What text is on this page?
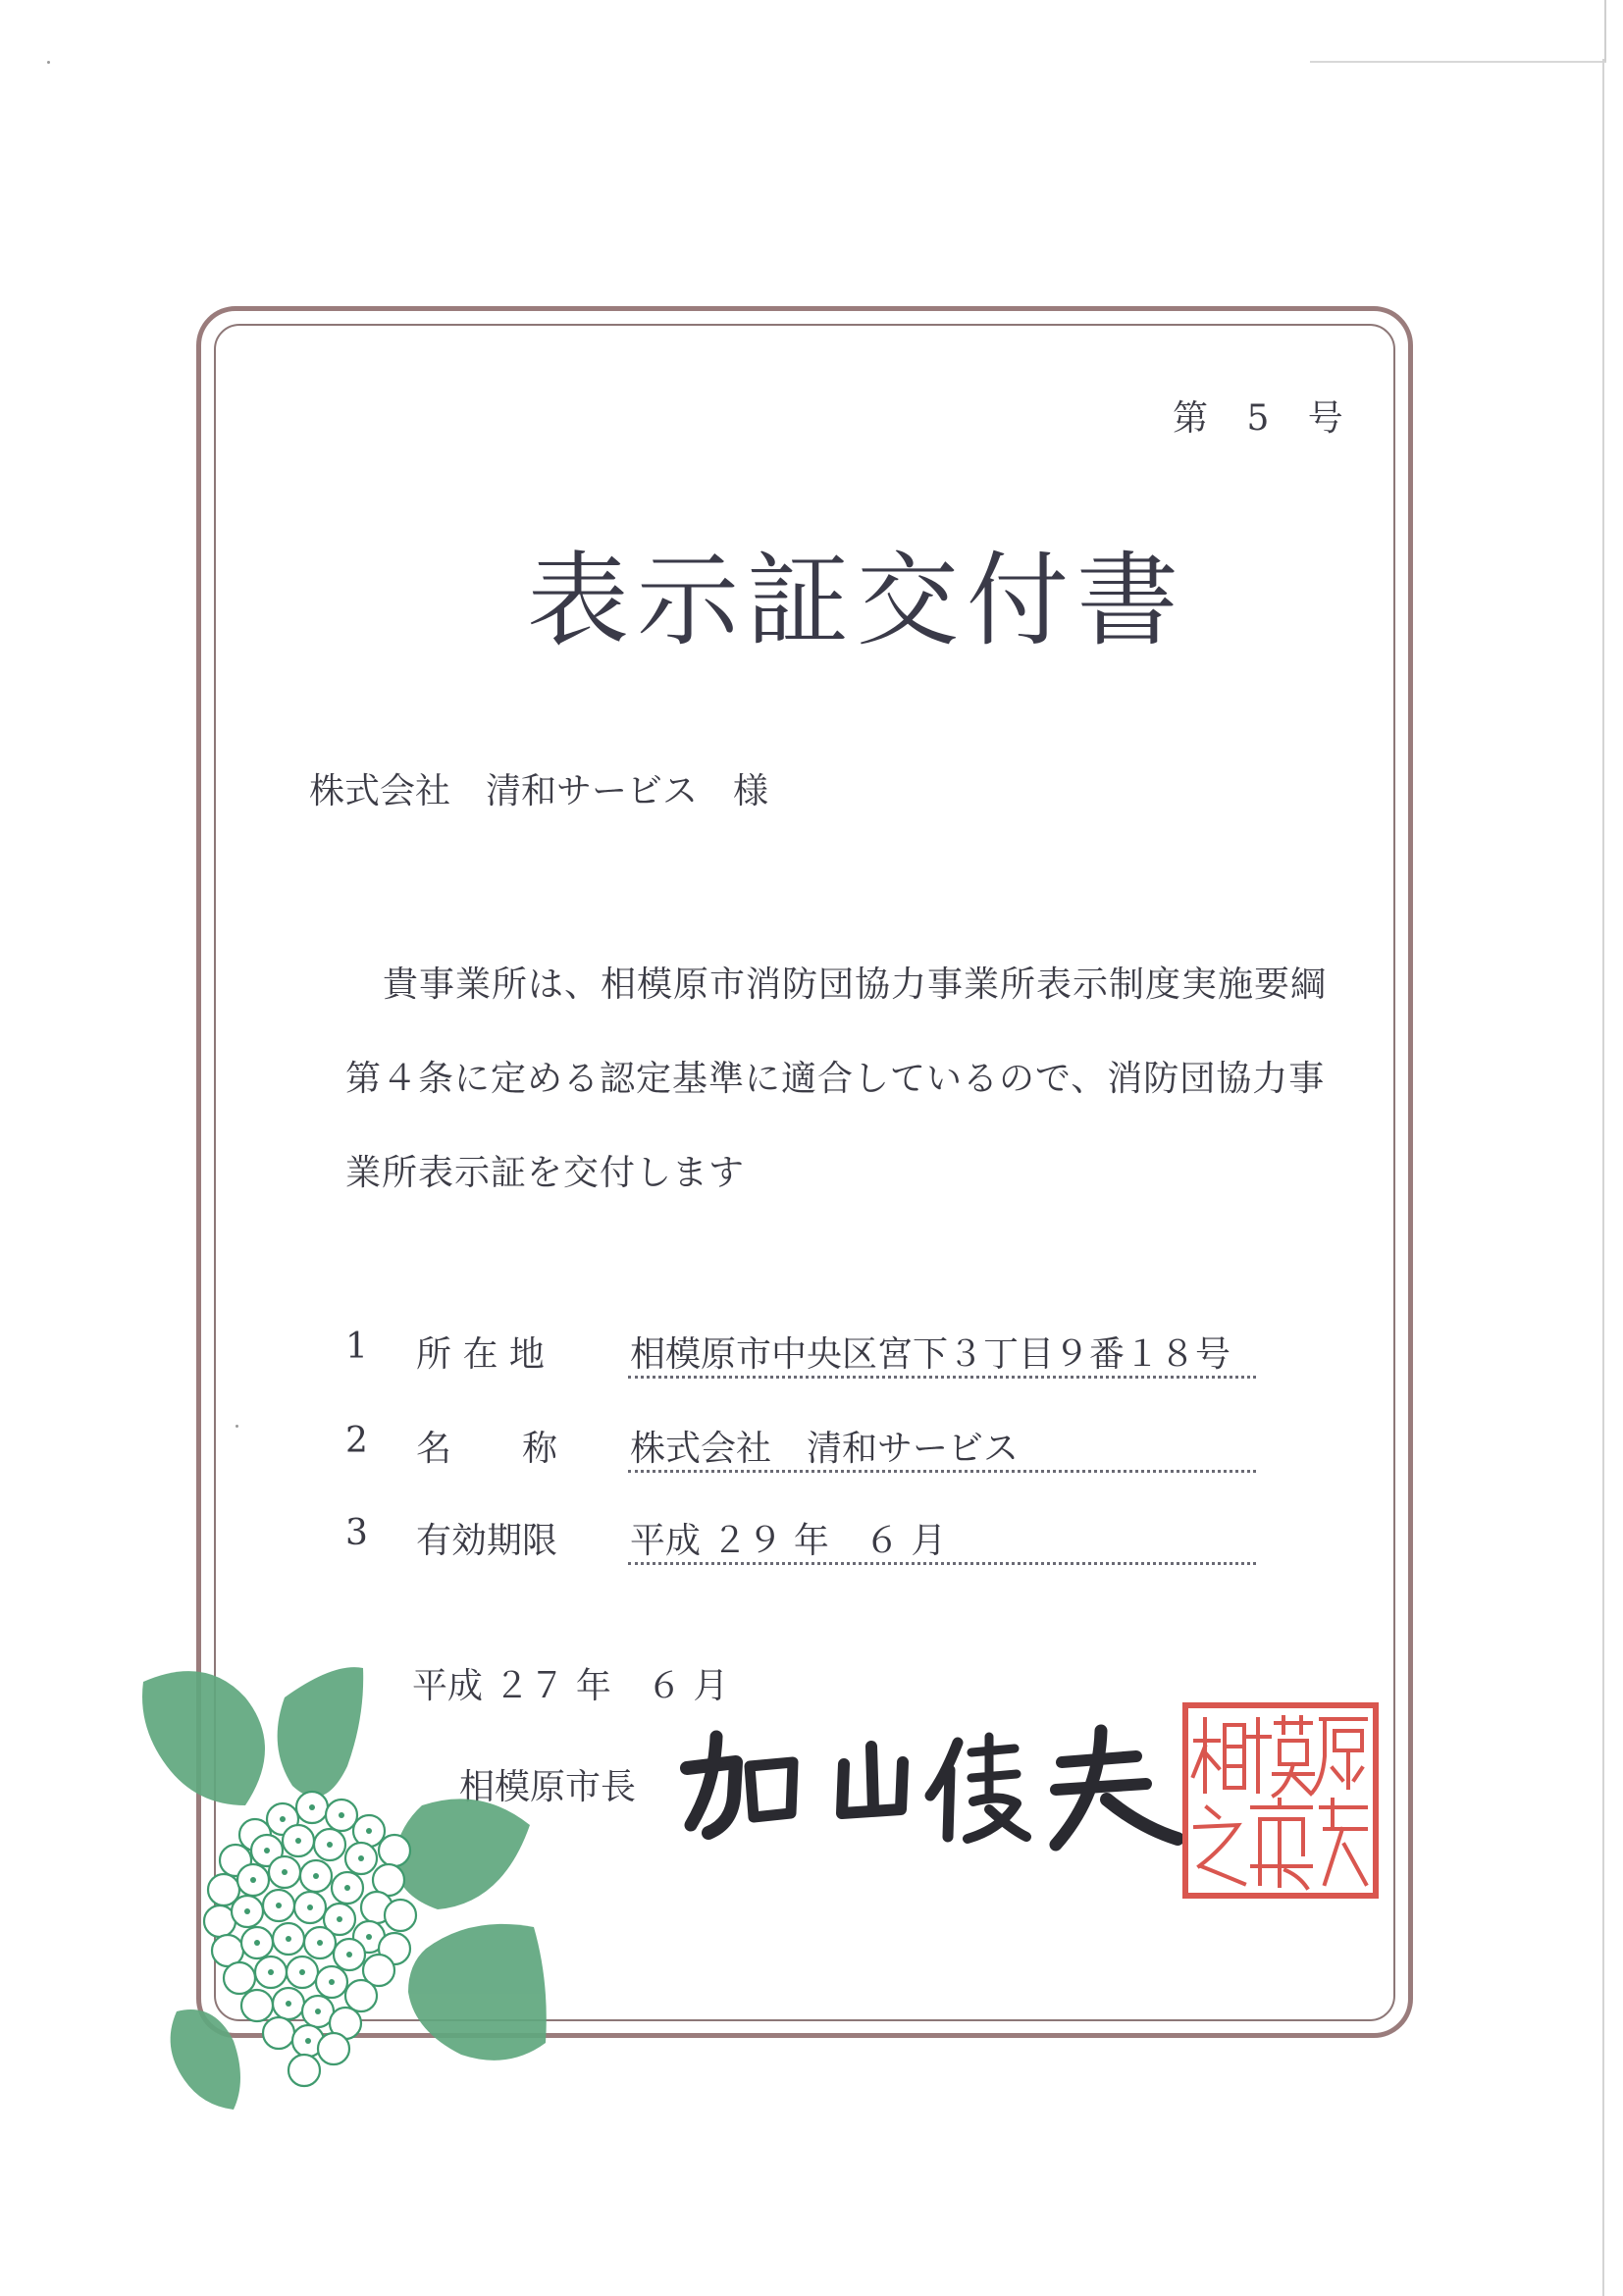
第 5 号
表示証交付書
株式会社　清和サービス　様
貴事業所は、相模原市消防団協力事業所表示制度実施要綱
第４条に定める認定基準に適合しているので、消防団協力事
業所表示証を交付します
1 所 在 地 相模原市中央区宮下３丁目９番１８号
2 名　　称 株式会社　清和サービス
3 有効期限 平成 ２９ 年　６ 月
平成 ２７ 年　６ 月
相模原市長
